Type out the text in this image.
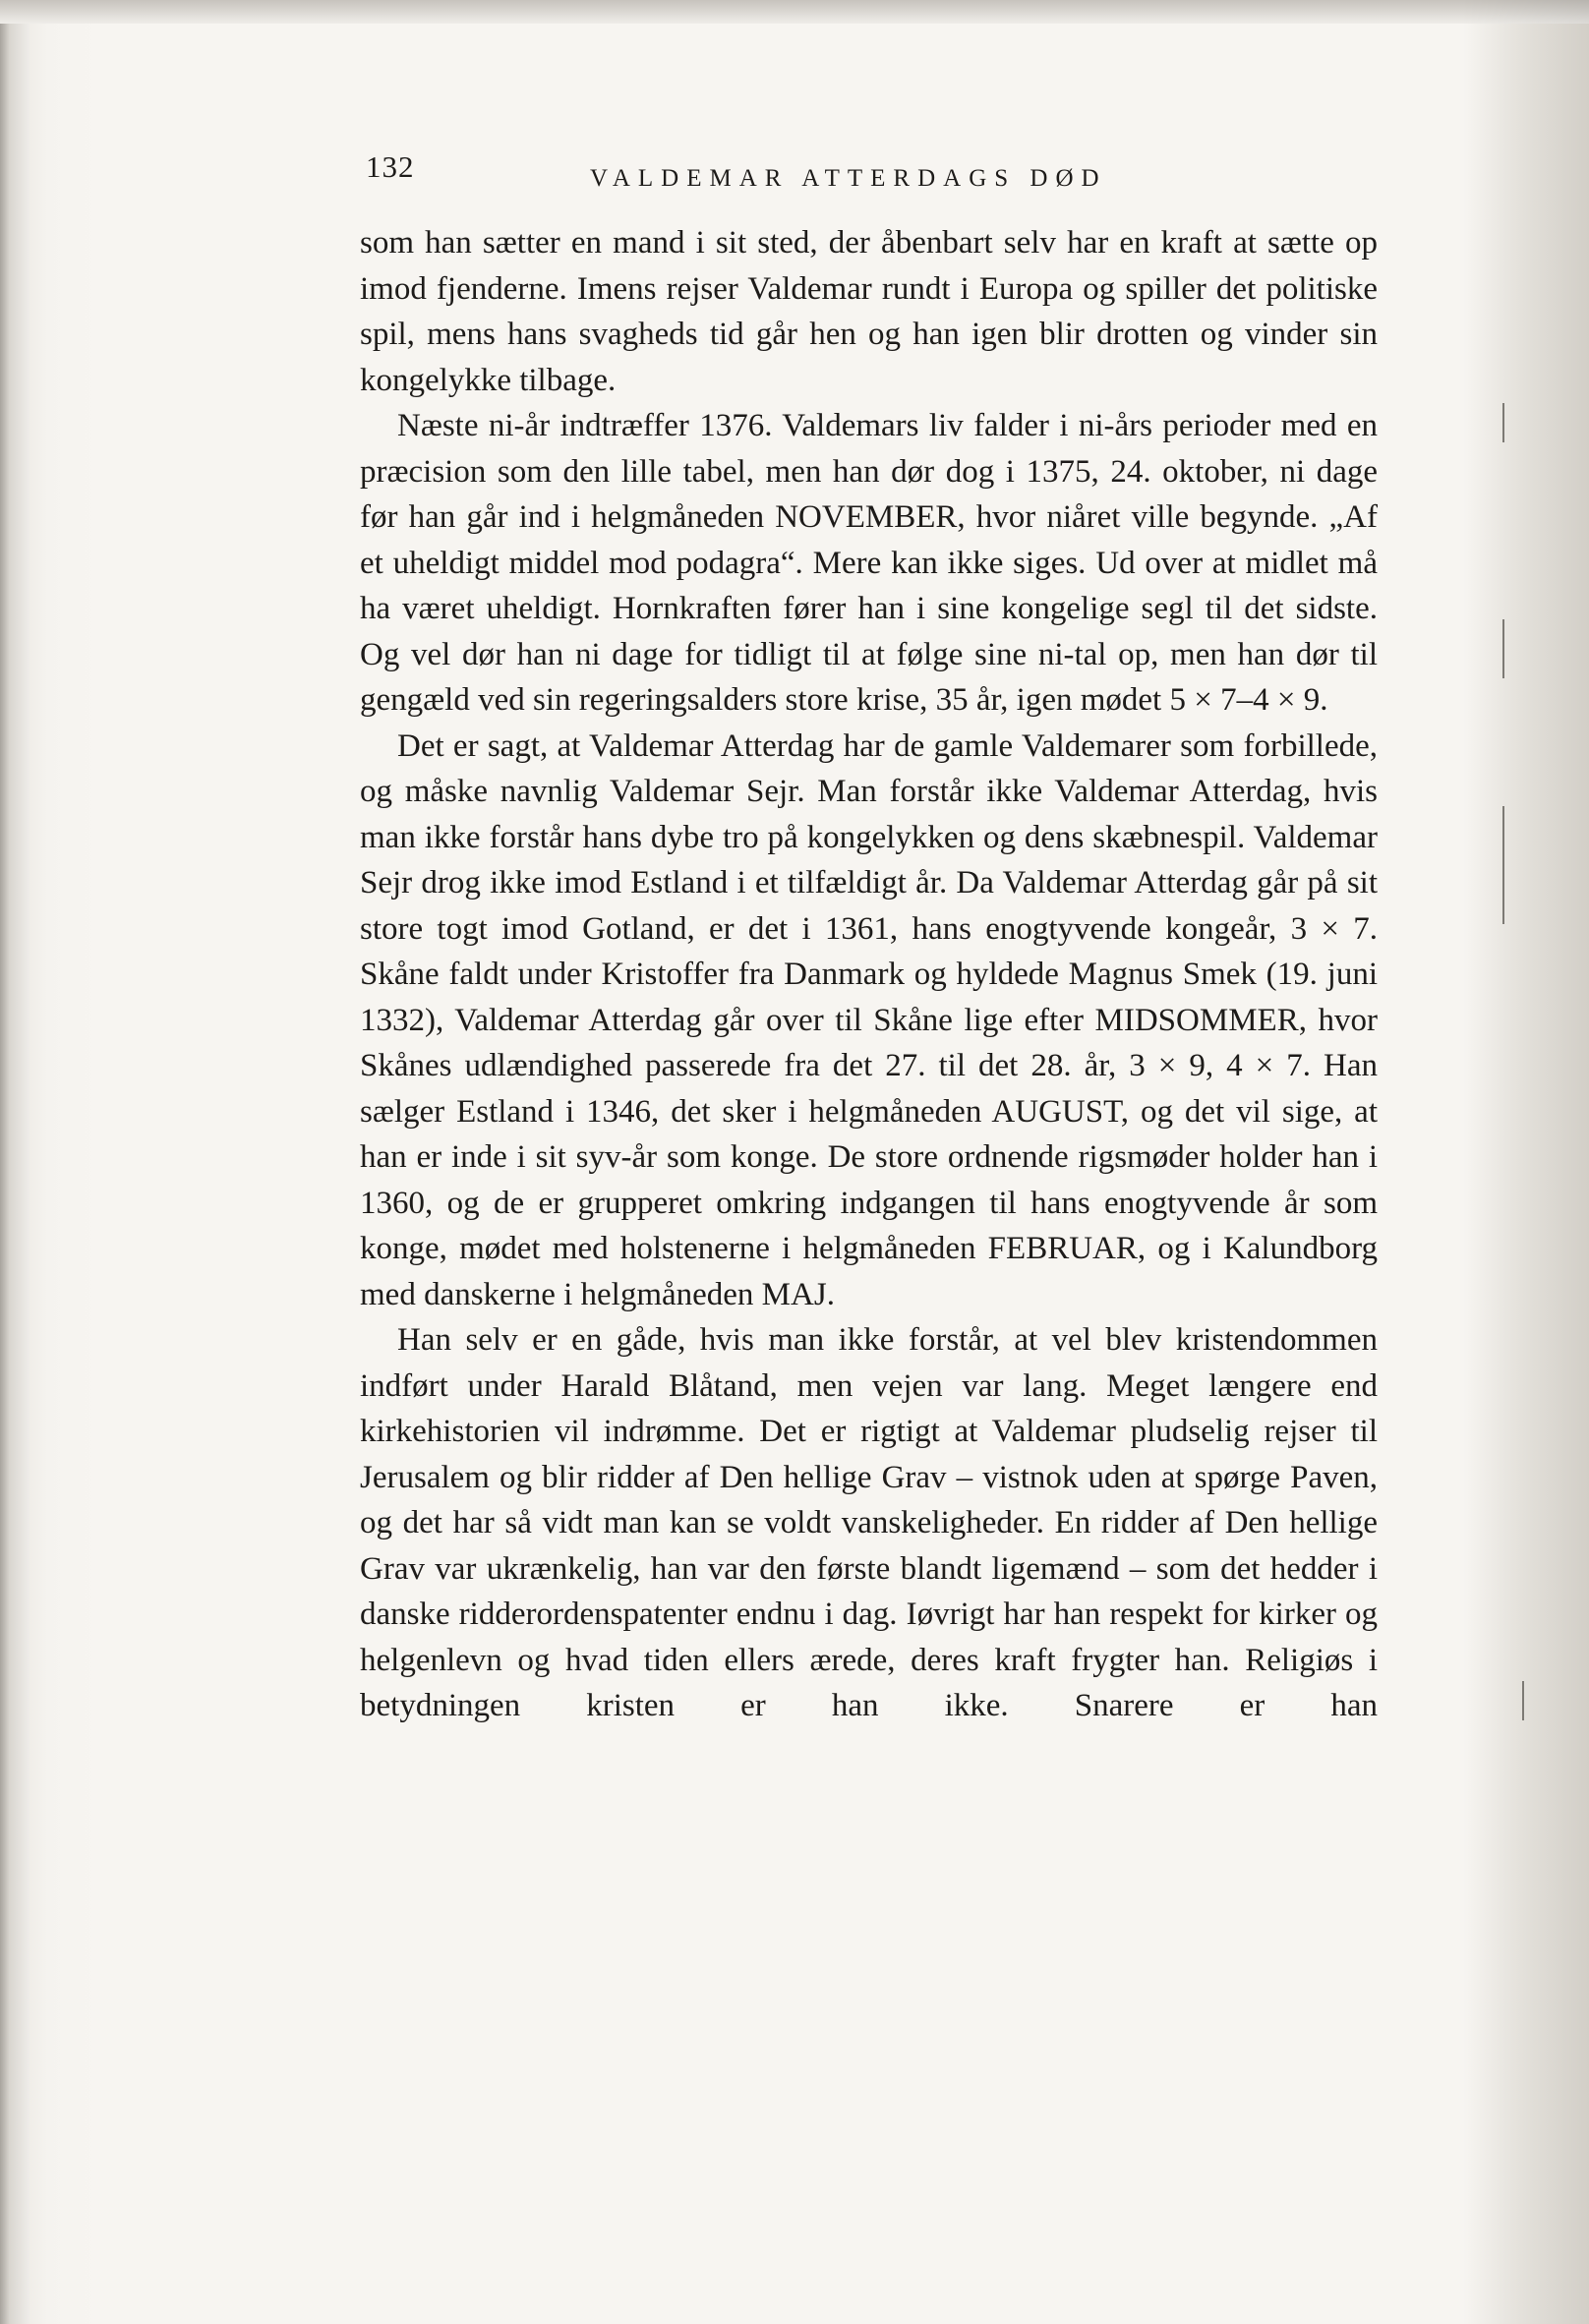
132	VALDEMAR ATTERDAGS DØD

som han sætter en mand i sit sted, der åbenbart selv har en kraft at sætte op imod fjenderne. Imens rejser Valdemar rundt i Europa og spiller det politiske spil, mens hans svagheds tid går hen og han igen blir drotten og vinder sin kongelykke tilbage.

Næste ni-år indtræffer 1376. Valdemars liv falder i ni-års perioder med en præcision som den lille tabel, men han dør dog i 1375, 24. oktober, ni dage før han går ind i helgmåneden NOVEMBER, hvor niåret ville begynde. „Af et uheldigt middel mod podagra“. Mere kan ikke siges. Ud over at midlet må ha været uheldigt. Hornkraften fører han i sine kongelige segl til det sidste. Og vel dør han ni dage for tidligt til at følge sine ni-tal op, men han dør til gengæld ved sin regeringsalders store krise, 35 år, igen mødet 5 × 7–4 × 9.

Det er sagt, at Valdemar Atterdag har de gamle Valdemarer som forbillede, og måske navnlig Valdemar Sejr. Man forstår ikke Valdemar Atterdag, hvis man ikke forstår hans dybe tro på kongelykken og dens skæbnespil. Valdemar Sejr drog ikke imod Estland i et tilfældigt år. Da Valdemar Atterdag går på sit store togt imod Gotland, er det i 1361, hans enogtyvende kongeår, 3 × 7. Skåne faldt under Kristoffer fra Danmark og hyldede Magnus Smek (19. juni 1332), Valdemar Atterdag går over til Skåne lige efter MIDSOMMER, hvor Skånes udlændighed passerede fra det 27. til det 28. år, 3 × 9, 4 × 7. Han sælger Estland i 1346, det sker i helgmåneden AUGUST, og det vil sige, at han er inde i sit syv-år som konge. De store ordnende rigsmøder holder han i 1360, og de er grupperet omkring indgangen til hans enogtyvende år som konge, mødet med holstenerne i helgmåneden FEBRUAR, og i Kalundborg med danskerne i helgmåneden MAJ.

Han selv er en gåde, hvis man ikke forstår, at vel blev kristendommen indført under Harald Blåtand, men vejen var lang. Meget længere end kirkehistorien vil indrømme. Det er rigtigt at Valdemar pludselig rejser til Jerusalem og blir ridder af Den hellige Grav – vistnok uden at spørge Paven, og det har så vidt man kan se voldt vanskeligheder. En ridder af Den hellige Grav var ukrænkelig, han var den første blandt ligemænd – som det hedder i danske ridderordenspatenter endnu i dag. Iøvrigt har han respekt for kirker og helgenlevn og hvad tiden ellers ærede, deres kraft frygter han. Religiøs i betydningen kristen er han ikke. Snarere er han
